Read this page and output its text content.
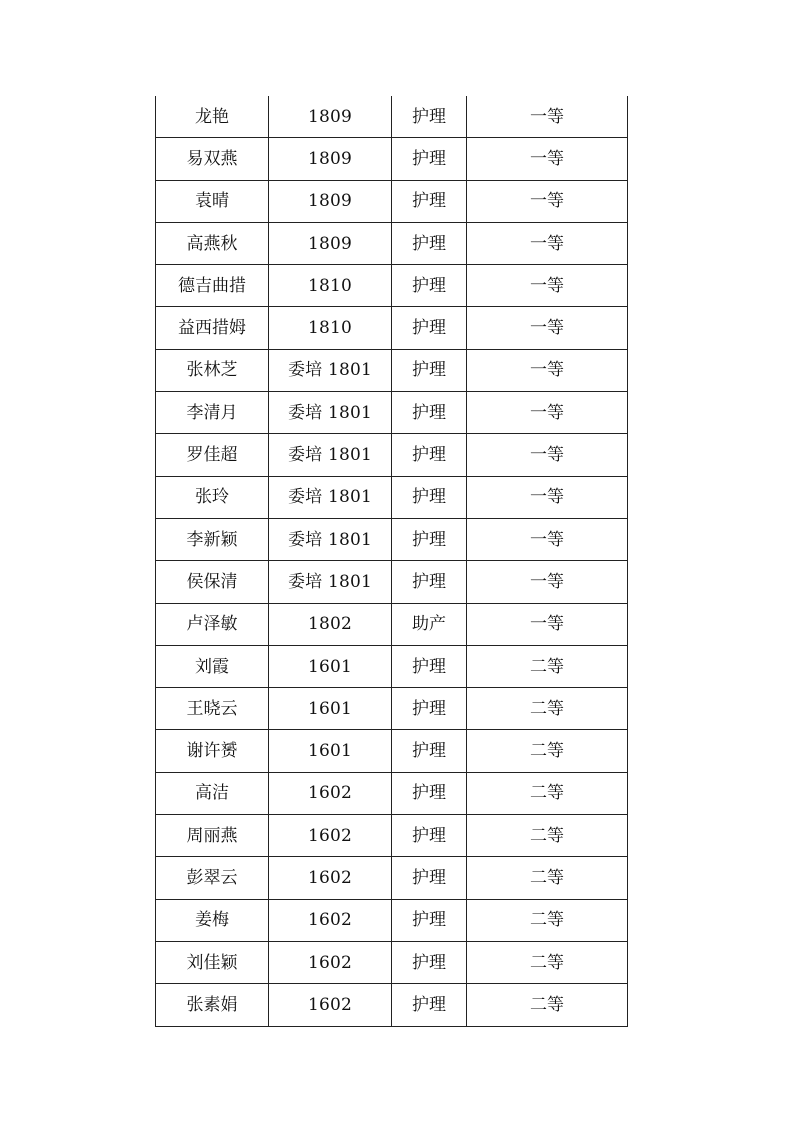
龙艳	1809	护理	一等
易双燕	1809	护理	一等
袁晴	1809	护理	一等
高燕秋	1809	护理	一等
德吉曲措	1810	护理	一等
益西措姆	1810	护理	一等
张林芝	委培 1801	护理	一等
李清月	委培 1801	护理	一等
罗佳超	委培 1801	护理	一等
张玲	委培 1801	护理	一等
李新颖	委培 1801	护理	一等
侯保清	委培 1801	护理	一等
卢泽敏	1802	助产	一等
刘霞	1601	护理	二等
王晓云	1601	护理	二等
谢许赟	1601	护理	二等
高洁	1602	护理	二等
周丽燕	1602	护理	二等
彭翠云	1602	护理	二等
姜梅	1602	护理	二等
刘佳颖	1602	护理	二等
张素娟	1602	护理	二等
